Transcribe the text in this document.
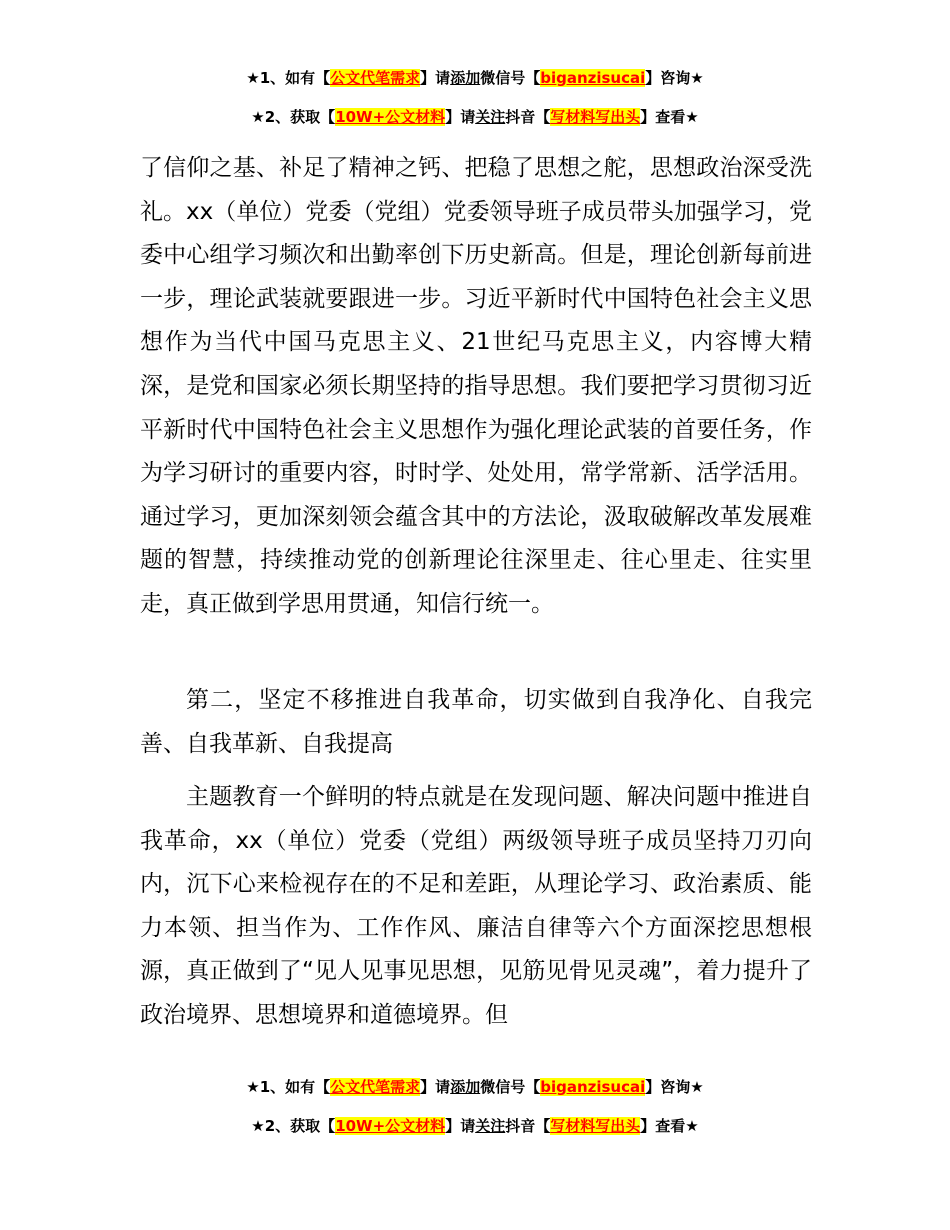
★1、如有【公文代笔需求】请添加微信号【biganzisucai】咨询★
★2、获取【10W+公文材料】请关注抖音【写材料写出头】查看★

了信仰之基、补足了精神之钙、把稳了思想之舵，思想政治深受洗礼。xx（单位）党委（党组）党委领导班子成员带头加强学习，党委中心组学习频次和出勤率创下历史新高。但是，理论创新每前进一步，理论武装就要跟进一步。习近平新时代中国特色社会主义思想作为当代中国马克思主义、21世纪马克思主义，内容博大精深，是党和国家必须长期坚持的指导思想。我们要把学习贯彻习近平新时代中国特色社会主义思想作为强化理论武装的首要任务，作为学习研讨的重要内容，时时学、处处用，常学常新、活学活用。通过学习，更加深刻领会蕴含其中的方法论，汲取破解改革发展难题的智慧，持续推动党的创新理论往深里走、往心里走、往实里走，真正做到学思用贯通，知信行统一。

第二，坚定不移推进自我革命，切实做到自我净化、自我完善、自我革新、自我提高

主题教育一个鲜明的特点就是在发现问题、解决问题中推进自我革命，xx（单位）党委（党组）两级领导班子成员坚持刀刃向内，沉下心来检视存在的不足和差距，从理论学习、政治素质、能力本领、担当作为、工作作风、廉洁自律等六个方面深挖思想根源，真正做到了“见人见事见思想，见筋见骨见灵魂”，着力提升了政治境界、思想境界和道德境界。但

★1、如有【公文代笔需求】请添加微信号【biganzisucai】咨询★
★2、获取【10W+公文材料】请关注抖音【写材料写出头】查看★
